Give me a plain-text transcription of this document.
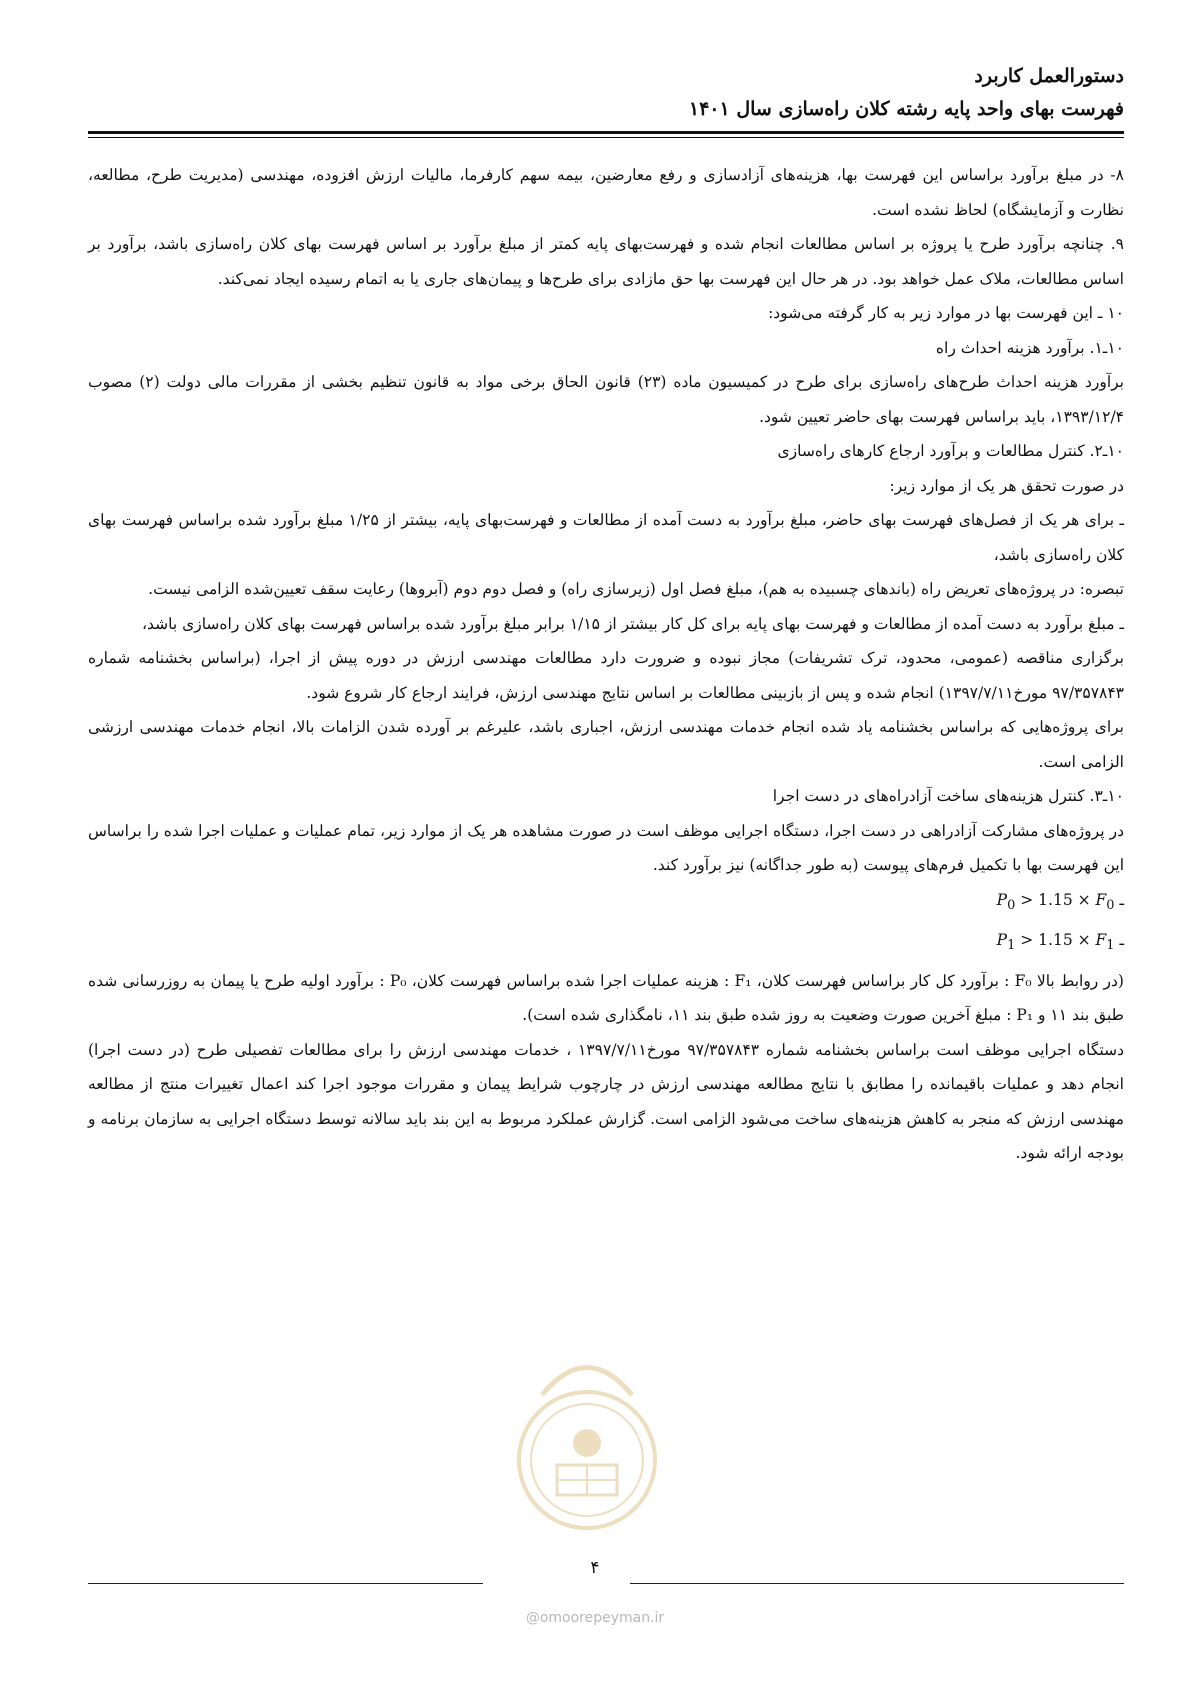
دستورالعمل کاربرد
فهرست بهای واحد پایه رشته کلان راه‌سازی سال ۱۴۰۱

۸- در مبلغ برآورد براساس این فهرست بها، هزینه‌های آزادسازی و رفع معارضین، بیمه سهم کارفرما، مالیات ارزش افزوده، مهندسی (مدیریت طرح، مطالعه، نظارت و آزمایشگاه) لحاظ نشده است.

۹. چنانچه برآورد طرح یا پروژه بر اساس مطالعات انجام شده و فهرست‌بهای پایه کمتر از مبلغ برآورد بر اساس فهرست بهای کلان راه‌سازی باشد، برآورد بر اساس مطالعات، ملاک عمل خواهد بود. در هر حال این فهرست بها حق مازادی برای طرح‌ها و پیمان‌های جاری یا به اتمام رسیده ایجاد نمی‌کند.

۱۰ ـ این فهرست بها در موارد زیر به کار گرفته می‌شود:

۱۰ـ۱. برآورد هزینه احداث راه

برآورد هزینه احداث طرح‌های راه‌سازی برای طرح در کمیسیون ماده (۲۳) قانون الحاق برخی مواد به قانون تنظیم بخشی از مقررات مالی دولت (۲) مصوب ۱۳۹۳/۱۲/۴، باید براساس فهرست بهای حاضر تعیین شود.

۱۰ـ۲. کنترل مطالعات و برآورد ارجاع کارهای راه‌سازی

در صورت تحقق هر یک از موارد زیر:

ـ برای هر یک از فصل‌های فهرست بهای حاضر، مبلغ برآورد به دست آمده از مطالعات و فهرست‌بهای پایه، بیشتر از ۱/۲۵ مبلغ برآورد شده براساس فهرست بهای کلان راه‌سازی باشد،

تبصره: در پروژه‌های تعریض راه (باندهای چسبیده به هم)، مبلغ فصل اول (زیرسازی راه) و فصل دوم دوم (آبروها) رعایت سقف تعیین‌شده الزامی نیست.

ـ مبلغ برآورد به دست آمده از مطالعات و فهرست بهای پایه برای کل کار بیشتر از ۱/۱۵ برابر مبلغ برآورد شده براساس فهرست بهای کلان راه‌سازی باشد،

برگزاری مناقصه (عمومی، محدود، ترک تشریفات) مجاز نبوده و ضرورت دارد مطالعات مهندسی ارزش در دوره پیش از اجرا، (براساس بخشنامه شماره ۹۷/۳۵۷۸۴۳ مورخ۱۳۹۷/۷/۱۱) انجام شده و پس از بازبینی مطالعات بر اساس نتایج مهندسی ارزش، فرایند ارجاع کار شروع شود.

برای پروژه‌هایی که براساس بخشنامه یاد شده انجام خدمات مهندسی ارزش، اجباری باشد، علیرغم بر آورده شدن الزامات بالا، انجام خدمات مهندسی ارزشی الزامی است.

۱۰ـ۳. کنترل هزینه‌های ساخت آزادراه‌های در دست اجرا

در پروژه‌های مشارکت آزادراهی در دست اجرا، دستگاه اجرایی موظف است در صورت مشاهده هر یک از موارد زیر، تمام عملیات و عملیات اجرا شده را براساس این فهرست بها با تکمیل فرم‌های پیوست (به طور جداگانه) نیز برآورد کند.

$P_0 > 1.15 \times F_0$ ـ

$P_1 > 1.15 \times F_1$ ـ

(در روابط بالا F₀ : برآورد کل کار براساس فهرست کلان، F₁ : هزینه عملیات اجرا شده براساس فهرست کلان، P₀ : برآورد اولیه طرح یا پیمان به روزرسانی شده طبق بند ۱۱ و P₁ : مبلغ آخرین صورت وضعیت به روز شده طبق بند ۱۱، نامگذاری شده است).

دستگاه اجرایی موظف است براساس بخشنامه شماره ۹۷/۳۵۷۸۴۳ مورخ۱۳۹۷/۷/۱۱ ، خدمات مهندسی ارزش را برای مطالعات تفصیلی طرح (در دست اجرا) انجام دهد و عملیات باقیمانده را مطابق با نتایج مطالعه مهندسی ارزش در چارچوب شرایط پیمان و مقررات موجود اجرا کند اعمال تغییرات منتج از مطالعه مهندسی ارزش که منجر به کاهش هزینه‌های ساخت می‌شود الزامی است. گزارش عملکرد مربوط به این بند باید سالانه توسط دستگاه اجرایی به سازمان برنامه و بودجه ارائه شود.

۴
@omoorepeyman.ir
